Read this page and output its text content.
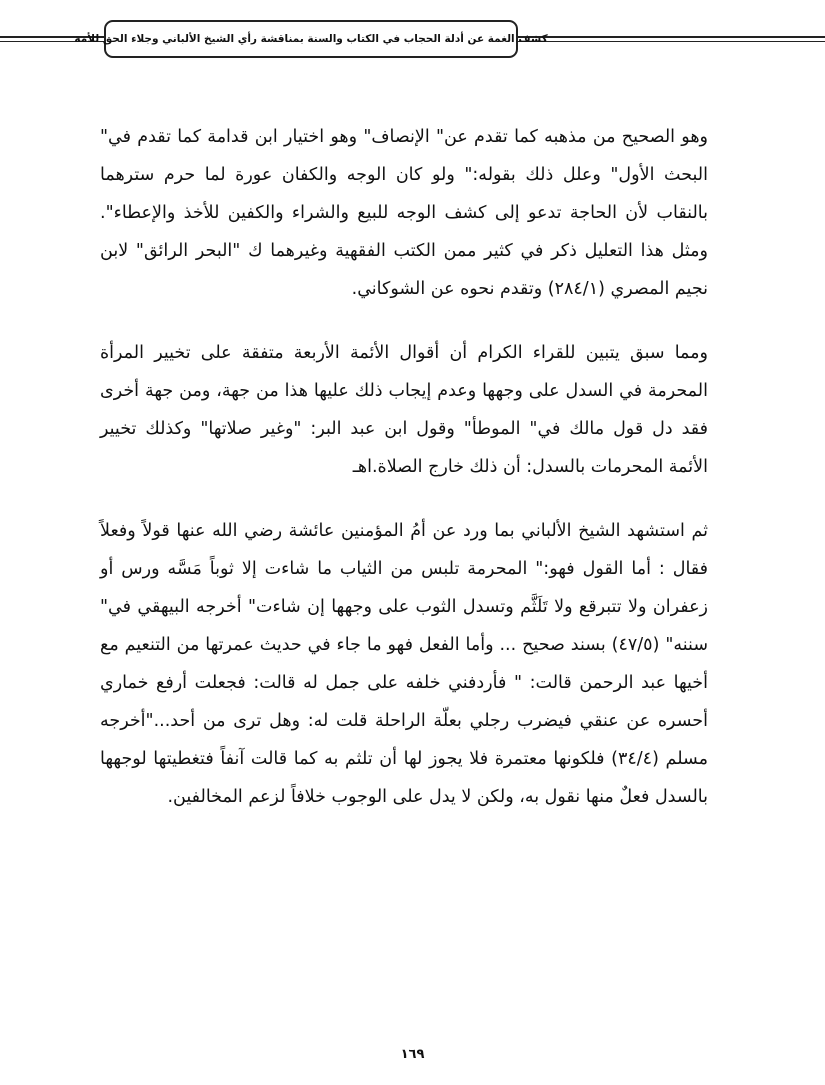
كشف الغمة عن أدلة الحجاب في الكتاب والسنة بمناقشة رأي الشيخ الألباني وجلاء الحق للأمة

وهو الصحيح من مذهبه كما تقدم عن" الإنصاف" وهو اختيار ابن قدامة كما تقدم في" البحث الأول" وعلل ذلك بقوله:" ولو كان الوجه والكفان عورة لما حرم سترهما بالنقاب لأن الحاجة تدعو إلى كشف الوجه للبيع والشراء والكفين للأخذ والإعطاء". ومثل هذا التعليل ذكر في كثير ممن الكتب الفقهية وغيرهما ك "البحر الرائق" لابن نجيم المصري (٢٨٤/١) وتقدم نحوه عن الشوكاني.

ومما سبق يتبين للقراء الكرام أن أقوال الأئمة الأربعة متفقة على تخيير المرأة المحرمة في السدل على وجهها وعدم إيجاب ذلك عليها هذا من جهة، ومن جهة أخرى فقد دل قول مالك في" الموطأ" وقول ابن عبد البر: "وغير صلاتها" وكذلك تخيير الأئمة المحرمات بالسدل: أن ذلك خارج الصلاة.اهـ

ثم استشهد الشيخ الألباني بما ورد عن أمُ المؤمنين عائشة رضي الله عنها قولاً وفعلاً فقال : أما القول فهو:" المحرمة تلبس من الثياب ما شاءت إلا ثوباً مَسَّه ورس أو زعفران ولا تتبرقع ولا تَلَثَّم وتسدل الثوب على وجهها إن شاءت" أخرجه البيهقي في" سننه" (٤٧/٥) بسند صحيح ... وأما الفعل فهو ما جاء في حديث عمرتها من التنعيم مع أخيها عبد الرحمن قالت: " فأردفني خلفه على جمل له قالت: فجعلت أرفع خماري أحسره عن عنقي فيضرب رجلي بعلّة الراحلة قلت له: وهل ترى من أحد..."أخرجه مسلم (٣٤/٤) فلكونها معتمرة فلا يجوز لها أن تلثم به كما قالت آنفاً فتغطيتها لوجهها بالسدل فعلٌ منها نقول به، ولكن لا يدل على الوجوب خلافاً لزعم المخالفين.

١٦٩
